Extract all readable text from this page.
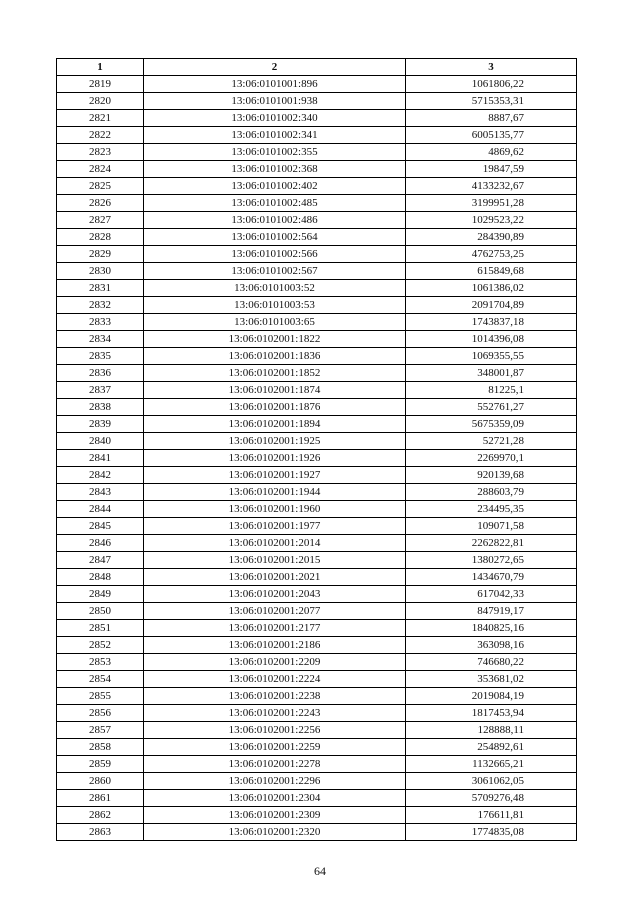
1	2	3
2819	13:06:0101001:896	1061806,22
2820	13:06:0101001:938	5715353,31
2821	13:06:0101002:340	8887,67
2822	13:06:0101002:341	6005135,77
2823	13:06:0101002:355	4869,62
2824	13:06:0101002:368	19847,59
2825	13:06:0101002:402	4133232,67
2826	13:06:0101002:485	3199951,28
2827	13:06:0101002:486	1029523,22
2828	13:06:0101002:564	284390,89
2829	13:06:0101002:566	4762753,25
2830	13:06:0101002:567	615849,68
2831	13:06:0101003:52	1061386,02
2832	13:06:0101003:53	2091704,89
2833	13:06:0101003:65	1743837,18
2834	13:06:0102001:1822	1014396,08
2835	13:06:0102001:1836	1069355,55
2836	13:06:0102001:1852	348001,87
2837	13:06:0102001:1874	81225,1
2838	13:06:0102001:1876	552761,27
2839	13:06:0102001:1894	5675359,09
2840	13:06:0102001:1925	52721,28
2841	13:06:0102001:1926	2269970,1
2842	13:06:0102001:1927	920139,68
2843	13:06:0102001:1944	288603,79
2844	13:06:0102001:1960	234495,35
2845	13:06:0102001:1977	109071,58
2846	13:06:0102001:2014	2262822,81
2847	13:06:0102001:2015	1380272,65
2848	13:06:0102001:2021	1434670,79
2849	13:06:0102001:2043	617042,33
2850	13:06:0102001:2077	847919,17
2851	13:06:0102001:2177	1840825,16
2852	13:06:0102001:2186	363098,16
2853	13:06:0102001:2209	746680,22
2854	13:06:0102001:2224	353681,02
2855	13:06:0102001:2238	2019084,19
2856	13:06:0102001:2243	1817453,94
2857	13:06:0102001:2256	128888,11
2858	13:06:0102001:2259	254892,61
2859	13:06:0102001:2278	1132665,21
2860	13:06:0102001:2296	3061062,05
2861	13:06:0102001:2304	5709276,48
2862	13:06:0102001:2309	176611,81
2863	13:06:0102001:2320	1774835,08
64
